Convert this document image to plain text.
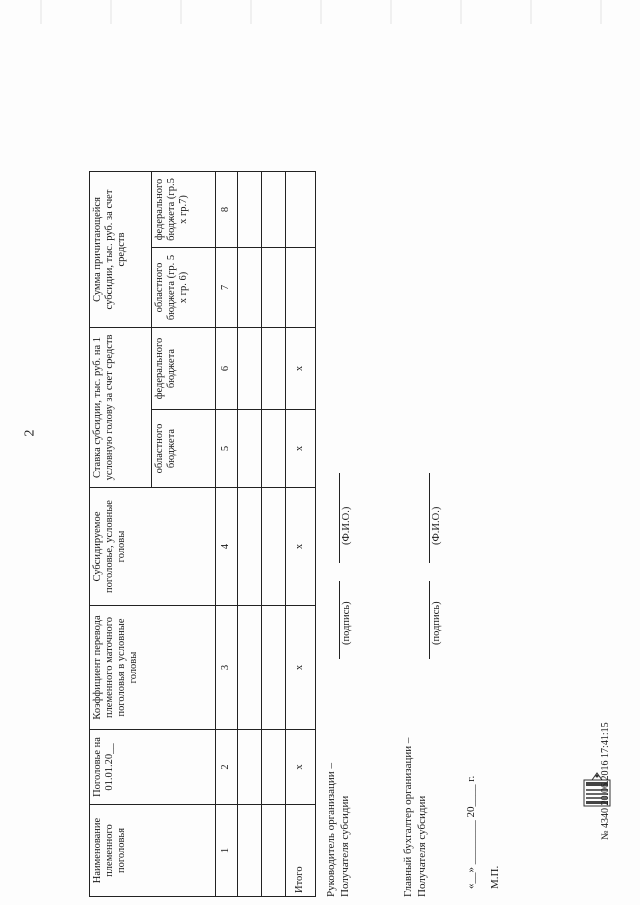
2
Наименование племенного поголовья	Поголовье на 01.01.20__	Коэффициент перевода племенного маточного поголовья в условные головы	Субсидируемое поголовье, условные головы	Ставка субсидии, тыс. руб. на 1 условную голову за счет средств		Сумма причитающейся субсидии, тыс. руб. за счет средств	
				областного бюджета	федерального бюджета	областного бюджета (гр. 5 х гр. 6)	федерального бюджета (гр.5 х гр.7)
1	2	3	4	5	6	7	8

Итого	х	х	х	х	х		
Руководитель организации – Получателя субсидии
(подпись)
(Ф.И.О.)
Главный бухгалтер организации – Получателя субсидии
(подпись)
(Ф.И.О.)
«__» ________ 20____ г. М.П.
№ 4340 20.06.2016 17:41:15
